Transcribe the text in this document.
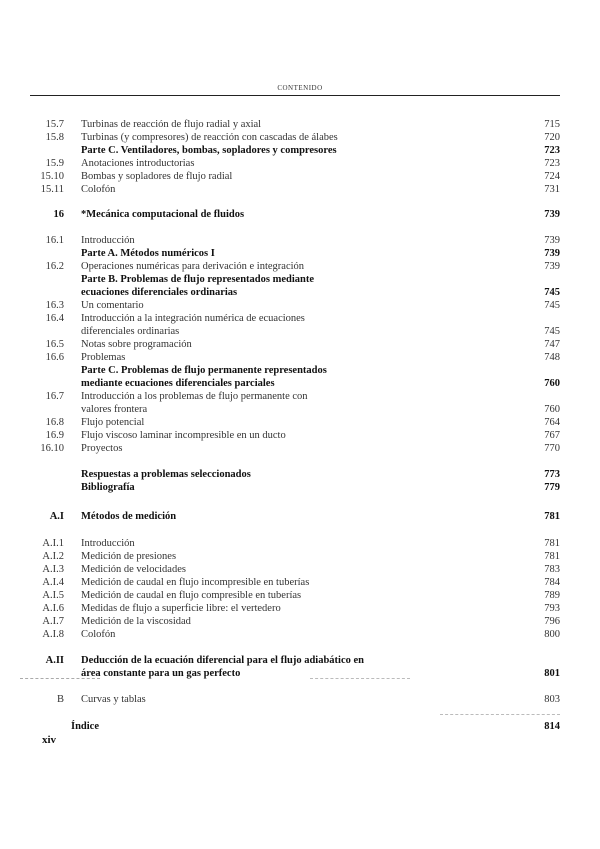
CONTENIDO
15.7 Turbinas de reacción de flujo radial y axial	715
15.8 Turbinas (y compresores) de reacción con cascadas de álabes	720
Parte C. Ventiladores, bombas, sopladores y compresores	723
15.9 Anotaciones introductorias	723
15.10 Bombas y sopladores de flujo radial	724
15.11 Colofón	731
16 *Mecánica computacional de fluidos	739
16.1 Introducción	739
Parte A. Métodos numéricos I	739
16.2 Operaciones numéricas para derivación e integración	739
Parte B. Problemas de flujo representados mediante
ecuaciones diferenciales ordinarias	745
16.3 Un comentario	745
16.4 Introducción a la integración numérica de ecuaciones
diferenciales ordinarias	745
16.5 Notas sobre programación	747
16.6 Problemas	748
Parte C. Problemas de flujo permanente representados
mediante ecuaciones diferenciales parciales	760
16.7 Introducción a los problemas de flujo permanente con
valores frontera	760
16.8 Flujo potencial	764
16.9 Flujo viscoso laminar incompresible en un ducto	767
16.10 Proyectos	770
Respuestas a problemas seleccionados	773
Bibliografía	779
A.I Métodos de medición	781
A.I.1 Introducción	781
A.I.2 Medición de presiones	781
A.I.3 Medición de velocidades	783
A.I.4 Medición de caudal en flujo incompresible en tuberías	784
A.I.5 Medición de caudal en flujo compresible en tuberías	789
A.I.6 Medidas de flujo a superficie libre: el vertedero	793
A.I.7 Medición de la viscosidad	796
A.I.8 Colofón	800
A.II Deducción de la ecuación diferencial para el flujo adiabático en
área constante para un gas perfecto	801
B Curvas y tablas	803
Índice	814
xiv
